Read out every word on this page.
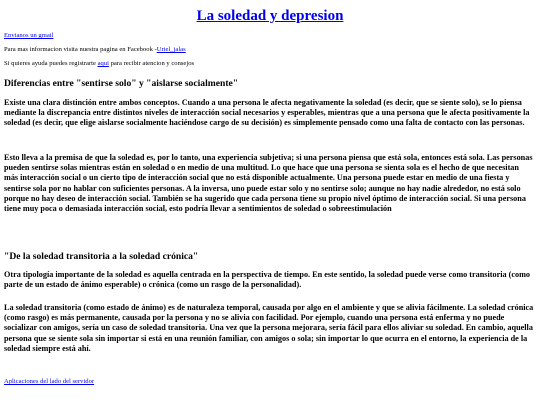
La soledad y depresion
Envianos un gmail
Para mas informacion visita nuestra pagina en Facebook -Uriel_jalas
Si quieres ayuda puedes registrarte aqui para recibir atencion y consejos
Diferencias entre "sentirse solo" y "aislarse socialmente"
Existe una clara distinción entre ambos conceptos. Cuando a una persona le afecta negativamente la soledad (es decir, que se siente solo), se lo piensa mediante la discrepancia entre distintos niveles de interacción social necesarios y esperables, mientras que a una persona que le afecta positivamente la soledad (es decir, que elige aislarse socialmente haciéndose cargo de su decisión) es simplemente pensado como una falta de contacto con las personas.
Esto lleva a la premisa de que la soledad es, por lo tanto, una experiencia subjetiva; si una persona piensa que está sola, entonces está sola. Las personas pueden sentirse solas mientras están en soledad o en medio de una multitud. Lo que hace que una persona se sienta sola es el hecho de que necesitan más interacción social o un cierto tipo de interacción social que no está disponible actualmente. Una persona puede estar en medio de una fiesta y sentirse sola por no hablar con suficientes personas. A la inversa, uno puede estar solo y no sentirse solo; aunque no hay nadie alrededor, no está solo porque no hay deseo de interacción social. También se ha sugerido que cada persona tiene su propio nivel óptimo de interacción social. Si una persona tiene muy poca o demasiada interacción social, esto podría llevar a sentimientos de soledad o sobreestimulación
"De la soledad transitoria a la soledad crónica"
Otra tipología importante de la soledad es aquella centrada en la perspectiva de tiempo. En este sentido, la soledad puede verse como transitoria (como parte de un estado de ánimo esperable) o crónica (como un rasgo de la personalidad).
La soledad transitoria (como estado de ánimo) es de naturaleza temporal, causada por algo en el ambiente y que se alivia fácilmente. La soledad crónica (como rasgo) es más permanente, causada por la persona y no se alivia con facilidad. Por ejemplo, cuando una persona está enferma y no puede socializar con amigos, sería un caso de soledad transitoria. Una vez que la persona mejorara, sería fácil para ellos aliviar su soledad. En cambio, aquella persona que se siente sola sin importar si está en una reunión familiar, con amigos o sola; sin importar lo que ocurra en el entorno, la experiencia de la soledad siempre está ahí.
Aplicaciones del lado del servidor
